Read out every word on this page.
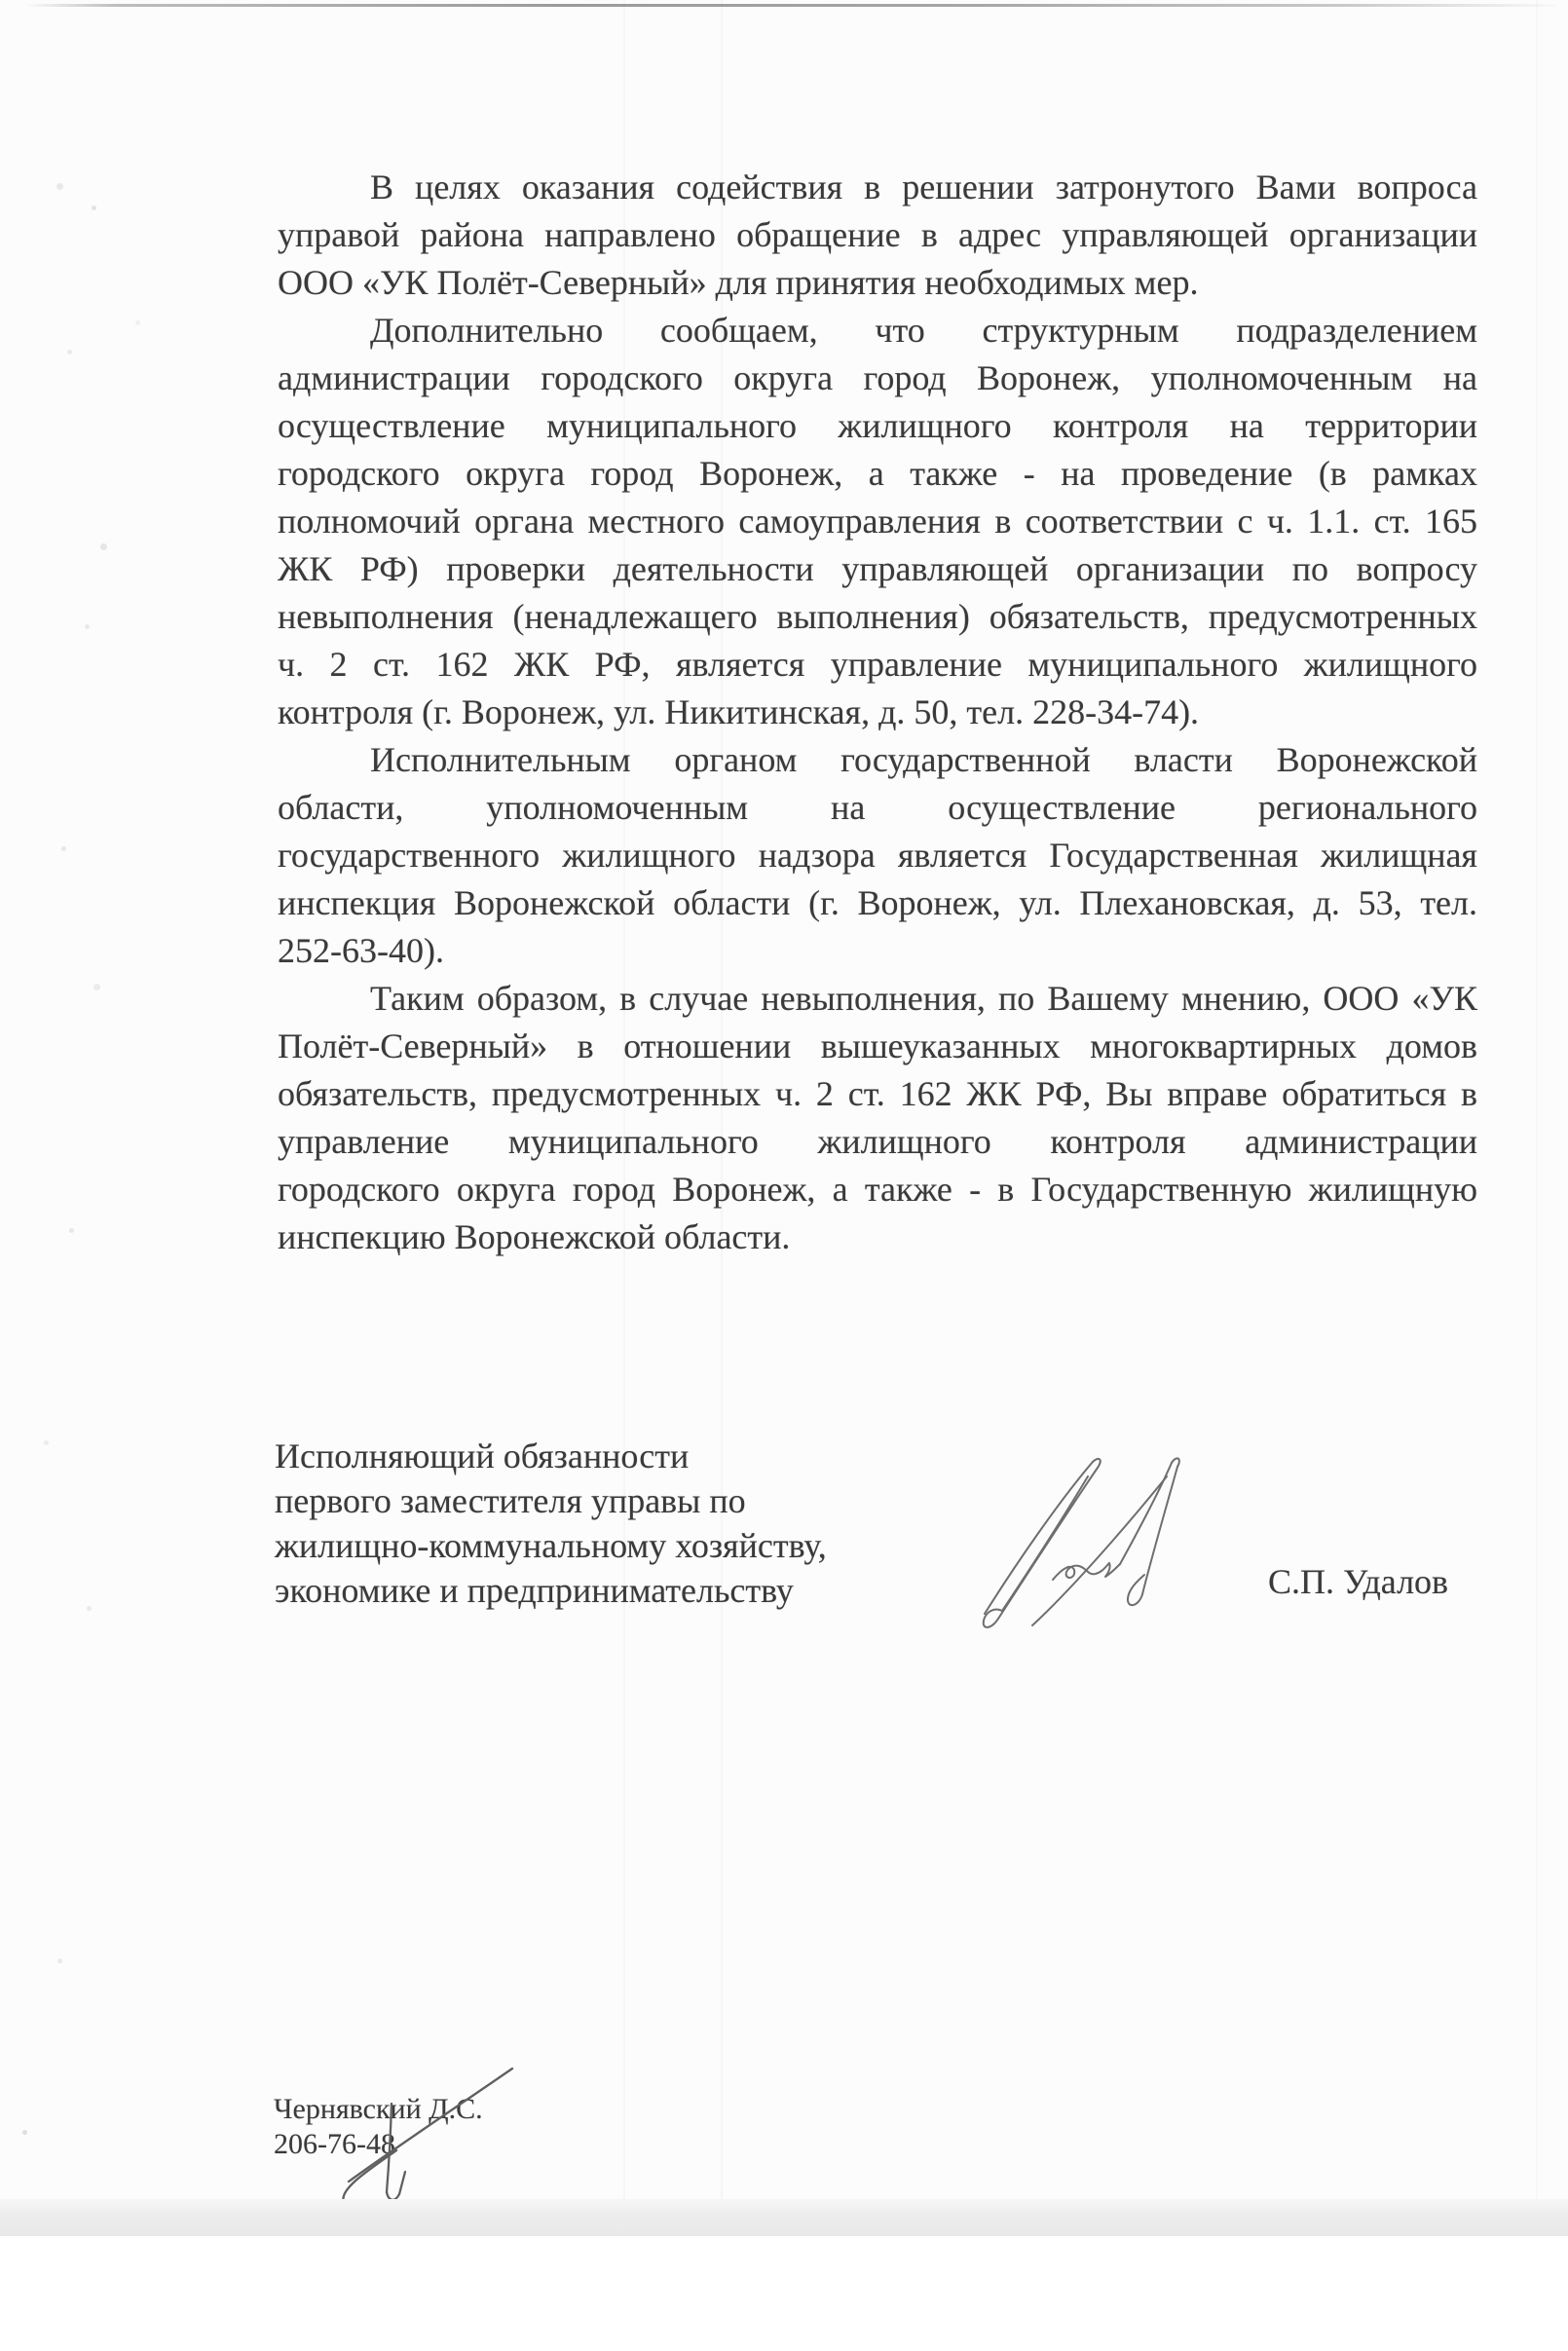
В целях оказания содействия в решении затронутого Вами вопроса
управой района направлено обращение в адрес управляющей организации
ООО «УК Полёт-Северный» для принятия необходимых мер.
Дополнительно сообщаем, что структурным подразделением
администрации городского округа город Воронеж, уполномоченным на
осуществление муниципального жилищного контроля на территории
городского округа город Воронеж, а также - на проведение (в рамках
полномочий органа местного самоуправления в соответствии с ч. 1.1. ст. 165
ЖК РФ) проверки деятельности управляющей организации по вопросу
невыполнения (ненадлежащего выполнения) обязательств, предусмотренных
ч. 2 ст. 162 ЖК РФ, является управление муниципального жилищного
контроля (г. Воронеж, ул. Никитинская, д. 50, тел. 228-34-74).
Исполнительным органом государственной власти Воронежской
области, уполномоченным на осуществление регионального
государственного жилищного надзора является Государственная жилищная
инспекция Воронежской области (г. Воронеж, ул. Плехановская, д. 53, тел.
252-63-40).
Таким образом, в случае невыполнения, по Вашему мнению, ООО «УК
Полёт-Северный» в отношении вышеуказанных многоквартирных домов
обязательств, предусмотренных ч. 2 ст. 162 ЖК РФ, Вы вправе обратиться в
управление муниципального жилищного контроля администрации
городского округа город Воронеж, а также - в Государственную жилищную
инспекцию Воронежской области.
Исполняющий обязанности
первого заместителя управы по
жилищно-коммунальному хозяйству,
экономике и предпринимательству	С.П. Удалов
Чернявский Д.С.
206-76-48
